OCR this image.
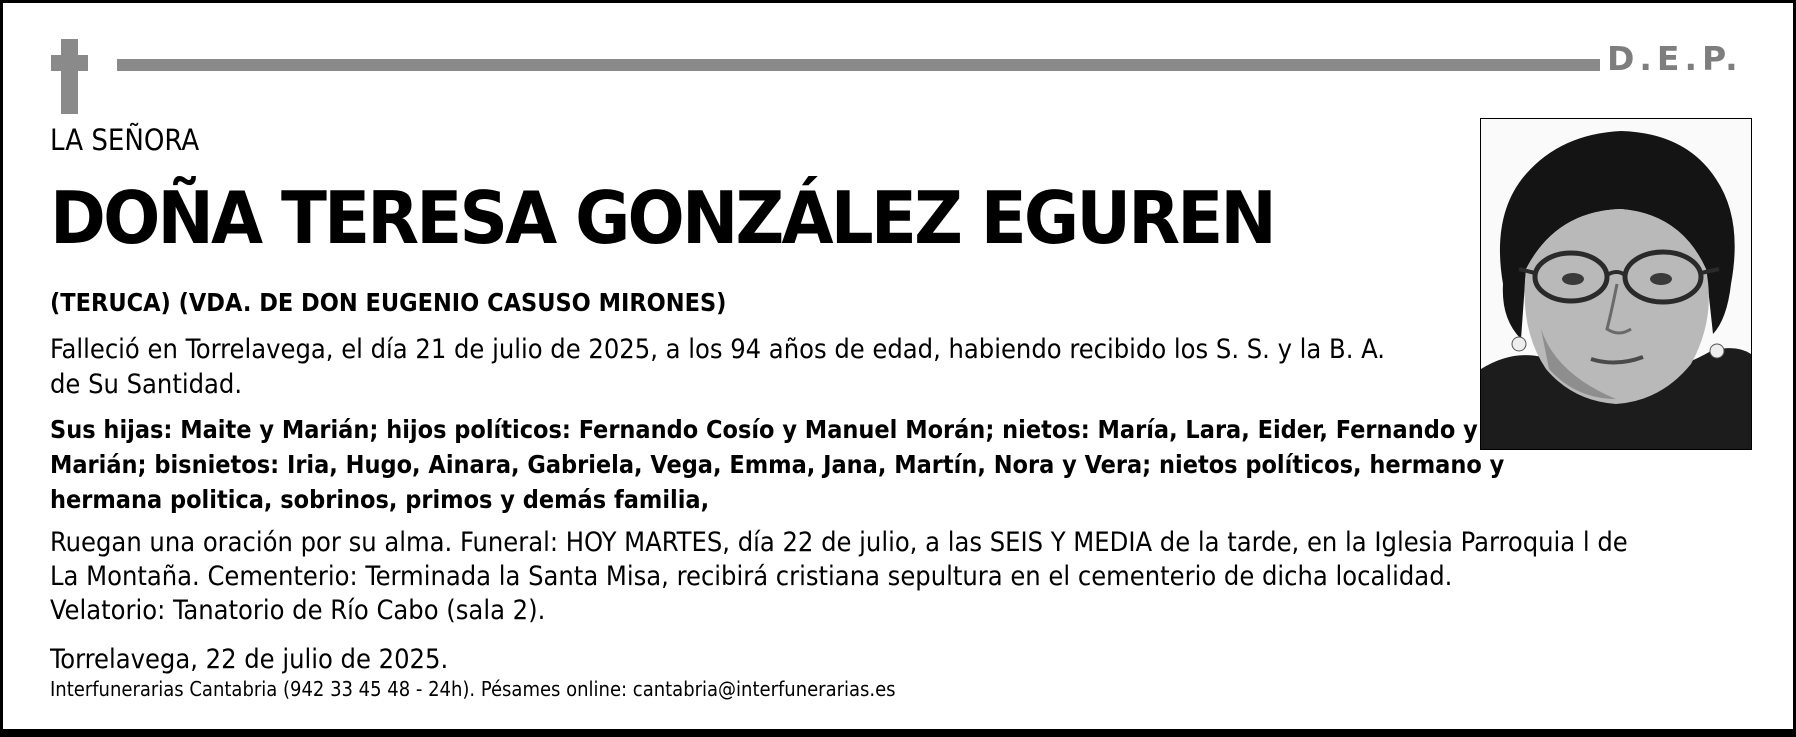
D.E.P.
LA SEÑORA
DOÑA TERESA GONZÁLEZ EGUREN
(TERUCA) (VDA. DE DON EUGENIO CASUSO MIRONES)
Falleció en Torrelavega, el día 21 de julio de 2025, a los 94 años de edad, habiendo recibido los S. S. y la B. A.
de Su Santidad.
Sus hijas: Maite y Marián; hijos políticos: Fernando Cosío y Manuel Morán; nietos: María, Lara, Eider, Fernando y
Marián; bisnietos: Iria, Hugo, Ainara, Gabriela, Vega, Emma, Jana, Martín, Nora y Vera; nietos políticos, hermano y
hermana politica, sobrinos, primos y demás familia,
Ruegan una oración por su alma. Funeral: HOY MARTES, día 22 de julio, a las SEIS Y MEDIA de la tarde, en la Iglesia Parroquia l de
La Montaña. Cementerio: Terminada la Santa Misa, recibirá cristiana sepultura en el cementerio de dicha localidad.
Velatorio: Tanatorio de Río Cabo (sala 2).
Torrelavega, 22 de julio de 2025.
Interfunerarias Cantabria (942 33 45 48 - 24h). Pésames online: cantabria@interfunerarias.es
